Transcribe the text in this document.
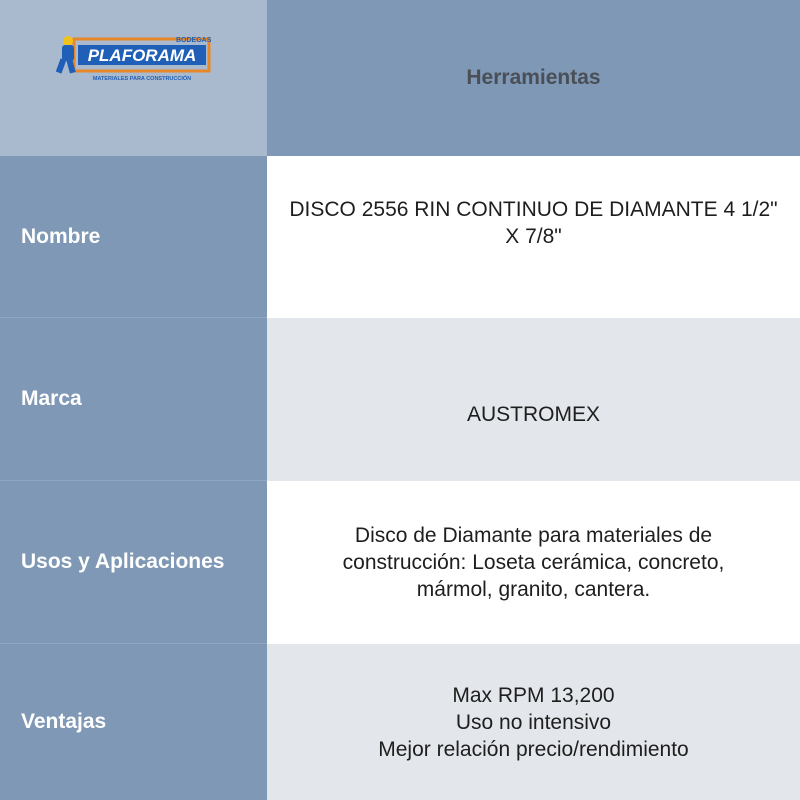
BODEGAS
PLAFORAMA
MATERIALES PARA CONSTRUCCIÓN	Herramientas
Nombre
DISCO 2556 RIN CONTINUO DE DIAMANTE 4 1/2" X 7/8"
Marca
AUSTROMEX
Usos y Aplicaciones
Disco de Diamante para materiales de construcción: Loseta cerámica, concreto, mármol, granito, cantera.
Ventajas
Max RPM 13,200
Uso no intensivo
Mejor relación precio/rendimiento
